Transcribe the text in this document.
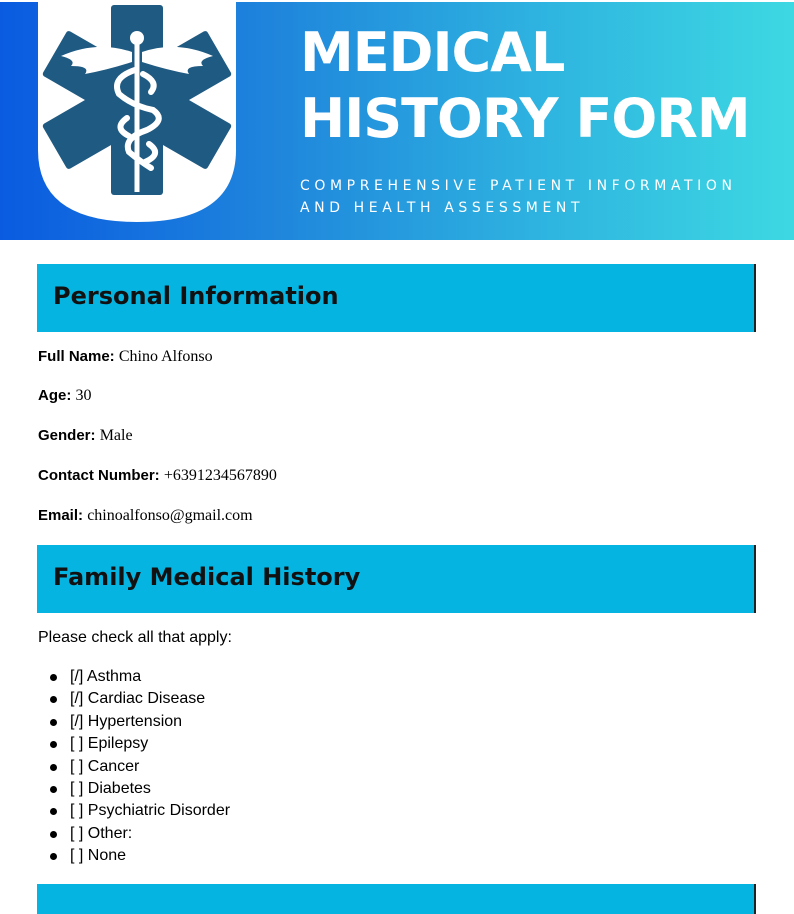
MEDICAL
HISTORY FORM
COMPREHENSIVE PATIENT INFORMATION
AND HEALTH ASSESSMENT
Personal Information
Full Name: Chino Alfonso
Age: 30
Gender: Male
Contact Number: +6391234567890
Email: chinoalfonso@gmail.com
Family Medical History
Please check all that apply:
[/] Asthma
[/] Cardiac Disease
[/] Hypertension
[ ] Epilepsy
[ ] Cancer
[ ] Diabetes
[ ] Psychiatric Disorder
[ ] Other:
[ ] None
